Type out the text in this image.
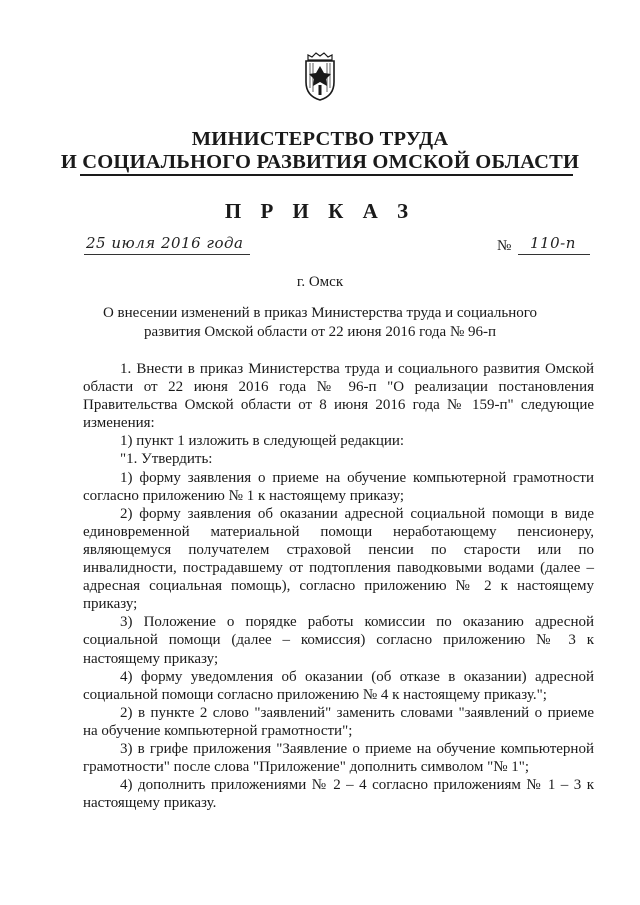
МИНИСТЕРСТВО ТРУДА
И СОЦИАЛЬНОГО РАЗВИТИЯ ОМСКОЙ ОБЛАСТИ
П Р И К А З
25 июля 2016 года	№ 110-п
г. Омск
О внесении изменений в приказ Министерства труда и социального
развития Омской области от 22 июня 2016 года № 96-п

1. Внести в приказ Министерства труда и социального развития Омской области от 22 июня 2016 года № 96-п "О реализации постановления Правительства Омской области от 8 июня 2016 года № 159-п" следующие изменения:

1) пункт 1 изложить в следующей редакции:

"1. Утвердить:

1) форму заявления о приеме на обучение компьютерной грамотности согласно приложению № 1 к настоящему приказу;

2) форму заявления об оказании адресной социальной помощи в виде единовременной материальной помощи неработающему пенсионеру, являющемуся получателем страховой пенсии по старости или по инвалидности, пострадавшему от подтопления паводковыми водами (далее – адресная социальная помощь), согласно приложению № 2 к настоящему приказу;

3) Положение о порядке работы комиссии по оказанию адресной социальной помощи (далее – комиссия) согласно приложению № 3 к настоящему приказу;

4) форму уведомления об оказании (об отказе в оказании) адресной социальной помощи согласно приложению № 4 к настоящему приказу.";

2) в пункте 2 слово "заявлений" заменить словами "заявлений о приеме на обучение компьютерной грамотности";

3) в грифе приложения "Заявление о приеме на обучение компьютерной грамотности" после слова "Приложение" дополнить символом "№ 1";

4) дополнить приложениями № 2 – 4 согласно приложениям № 1 – 3 к настоящему приказу.
